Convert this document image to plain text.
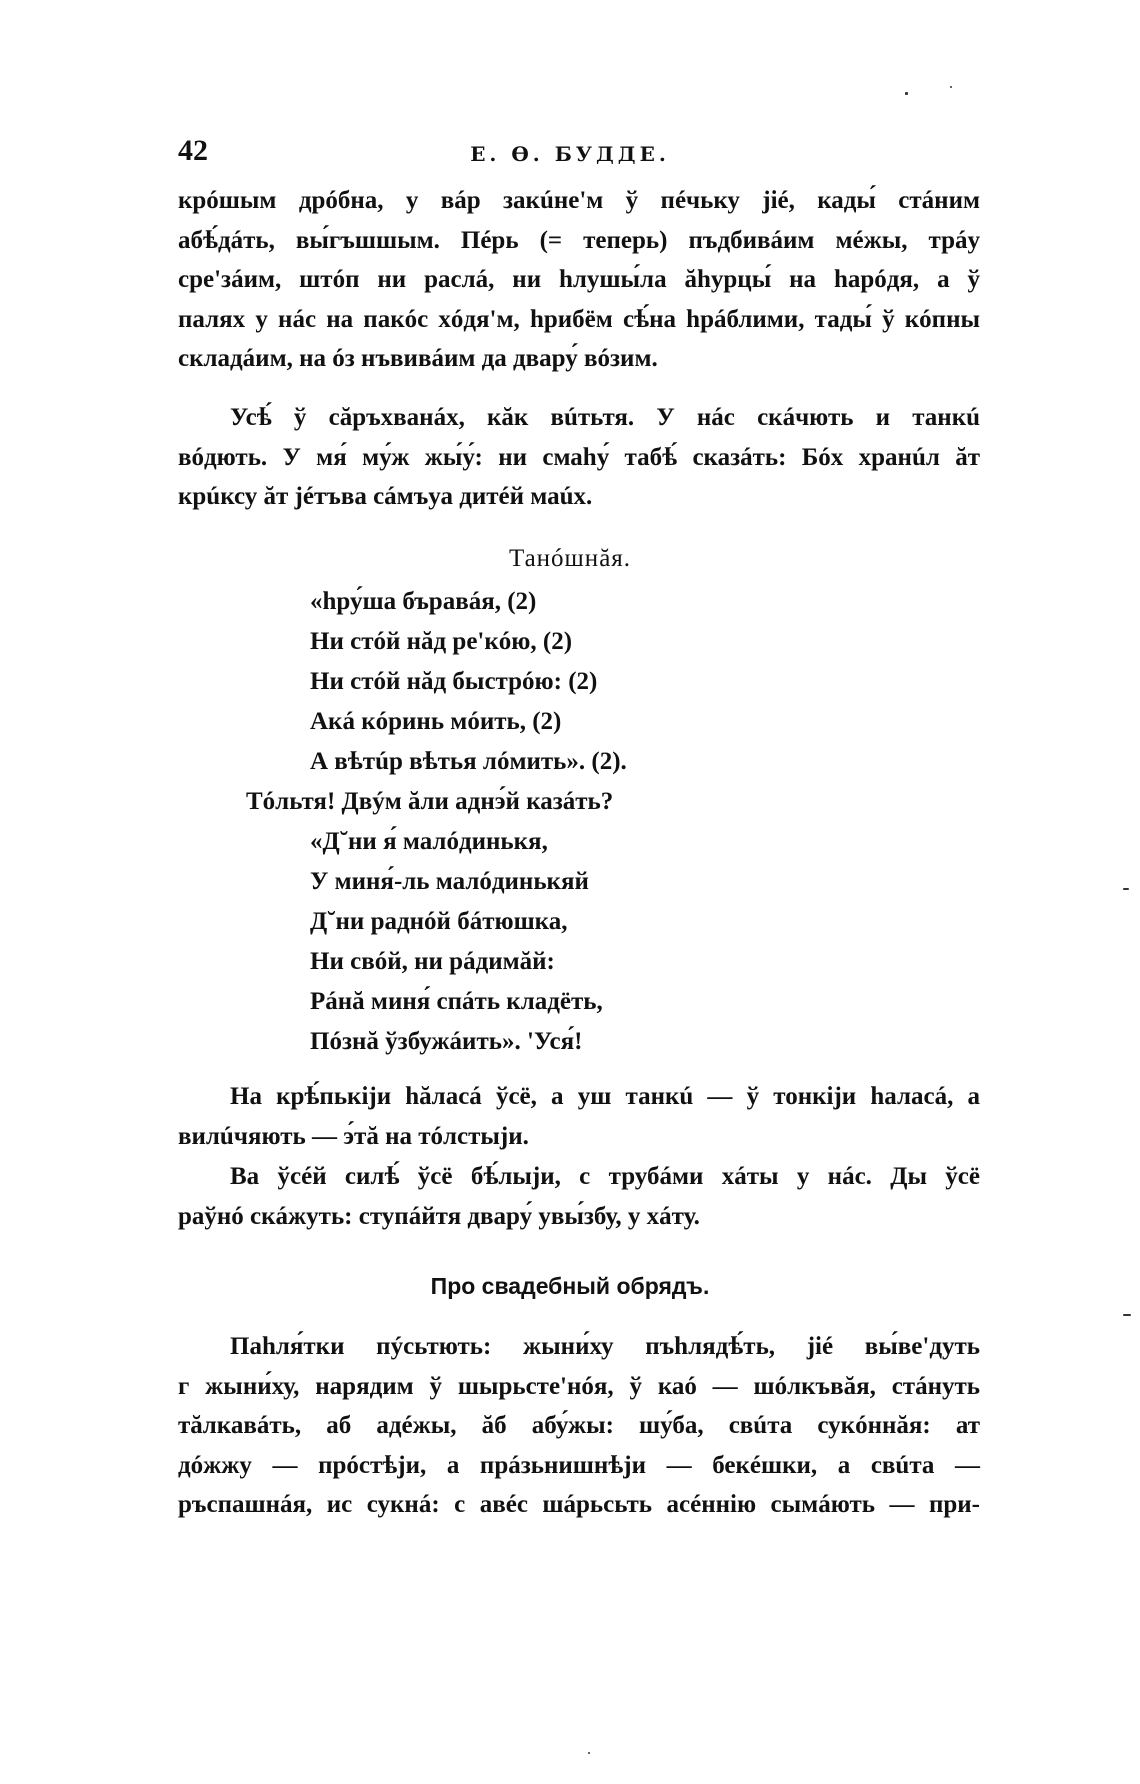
42	Е. Ө. БУДДЕ.
крóшым дрóбна, у вáр закúне'м ў пéчьку јіé, кады́ стáним
абѣ́дáть, вы́гъшшым. Пéрь (= теперь) пъдбивáим мéжы, трáу
сре'зáим, штóп ни раслá, ни һлушы́ла ăһурцы́ на һарóдя, а ў
палях у нáс на пакóс хóдя'м, һрибём сѣ́на һрáблими, тады́ ў кóпны
складáим, на óз нъвивáим да двару́ вóзим.
Усѣ́ ў сăръхванáх, кăк вúтьтя. У нáс скáчють и танкú
вóдють. У мя́ му́ж жы́у́: ни смаһу́ табѣ́ сказáть: Бóх хранúл ăт
крúксу ăт јéтъва сáмъуа дитéй маúх.
Танóшнăя.
«һру́ша бъравáя, (2)
Ни стóй нăд ре'кóю, (2)
Ни стóй нăд быстрóю: (2)
Акá кóринь мóить, (2)
А вѣтúр вѣтья лóмить». (2).
Тóльтя! Двýм ăли аднэ́й казáть?
«Д˘ни я́ малóдинькя,
У миня́-ль малóдинькяй
Д˘ни раднóй бáтюшка,
Ни свóй, ни рáдимăй:
Рáнă миня́ спáть кладёть,
Пóзнă ўзбужáить». 'Уся́!
На крѣ́пькіји һăласá ўсё, а уш танкú — ў тонкіји һаласá, а
вилúчяють — э́тă на тóлстыји.
Ва ўсéй силѣ́ ўсё бѣ́лыји, с трубáми хáты у нáс. Ды ўсё
раўнó скáжуть: ступáйтя двару́ увы́збу, у хáту.
Про свадебный обрядъ.
Паһля́тки пýсьтють: жыни́ху пъһлядѣ́ть, јіé вы́ве'дуть
г жыни́ху, нарядим ў шырьсте'нóя, ў каó — шóлкъвăя, стáнуть
тăлкавáть, аб адéжы, ăб абу́жы: шу́ба, свúта сукóннăя: ат
дóжжу — прóстѣји, а прáзьнишнѣји — бекéшки, а свúта —
ръспашнáя, ис сукнá: с авéс шáрьсьть асéннію сымáють — при-
